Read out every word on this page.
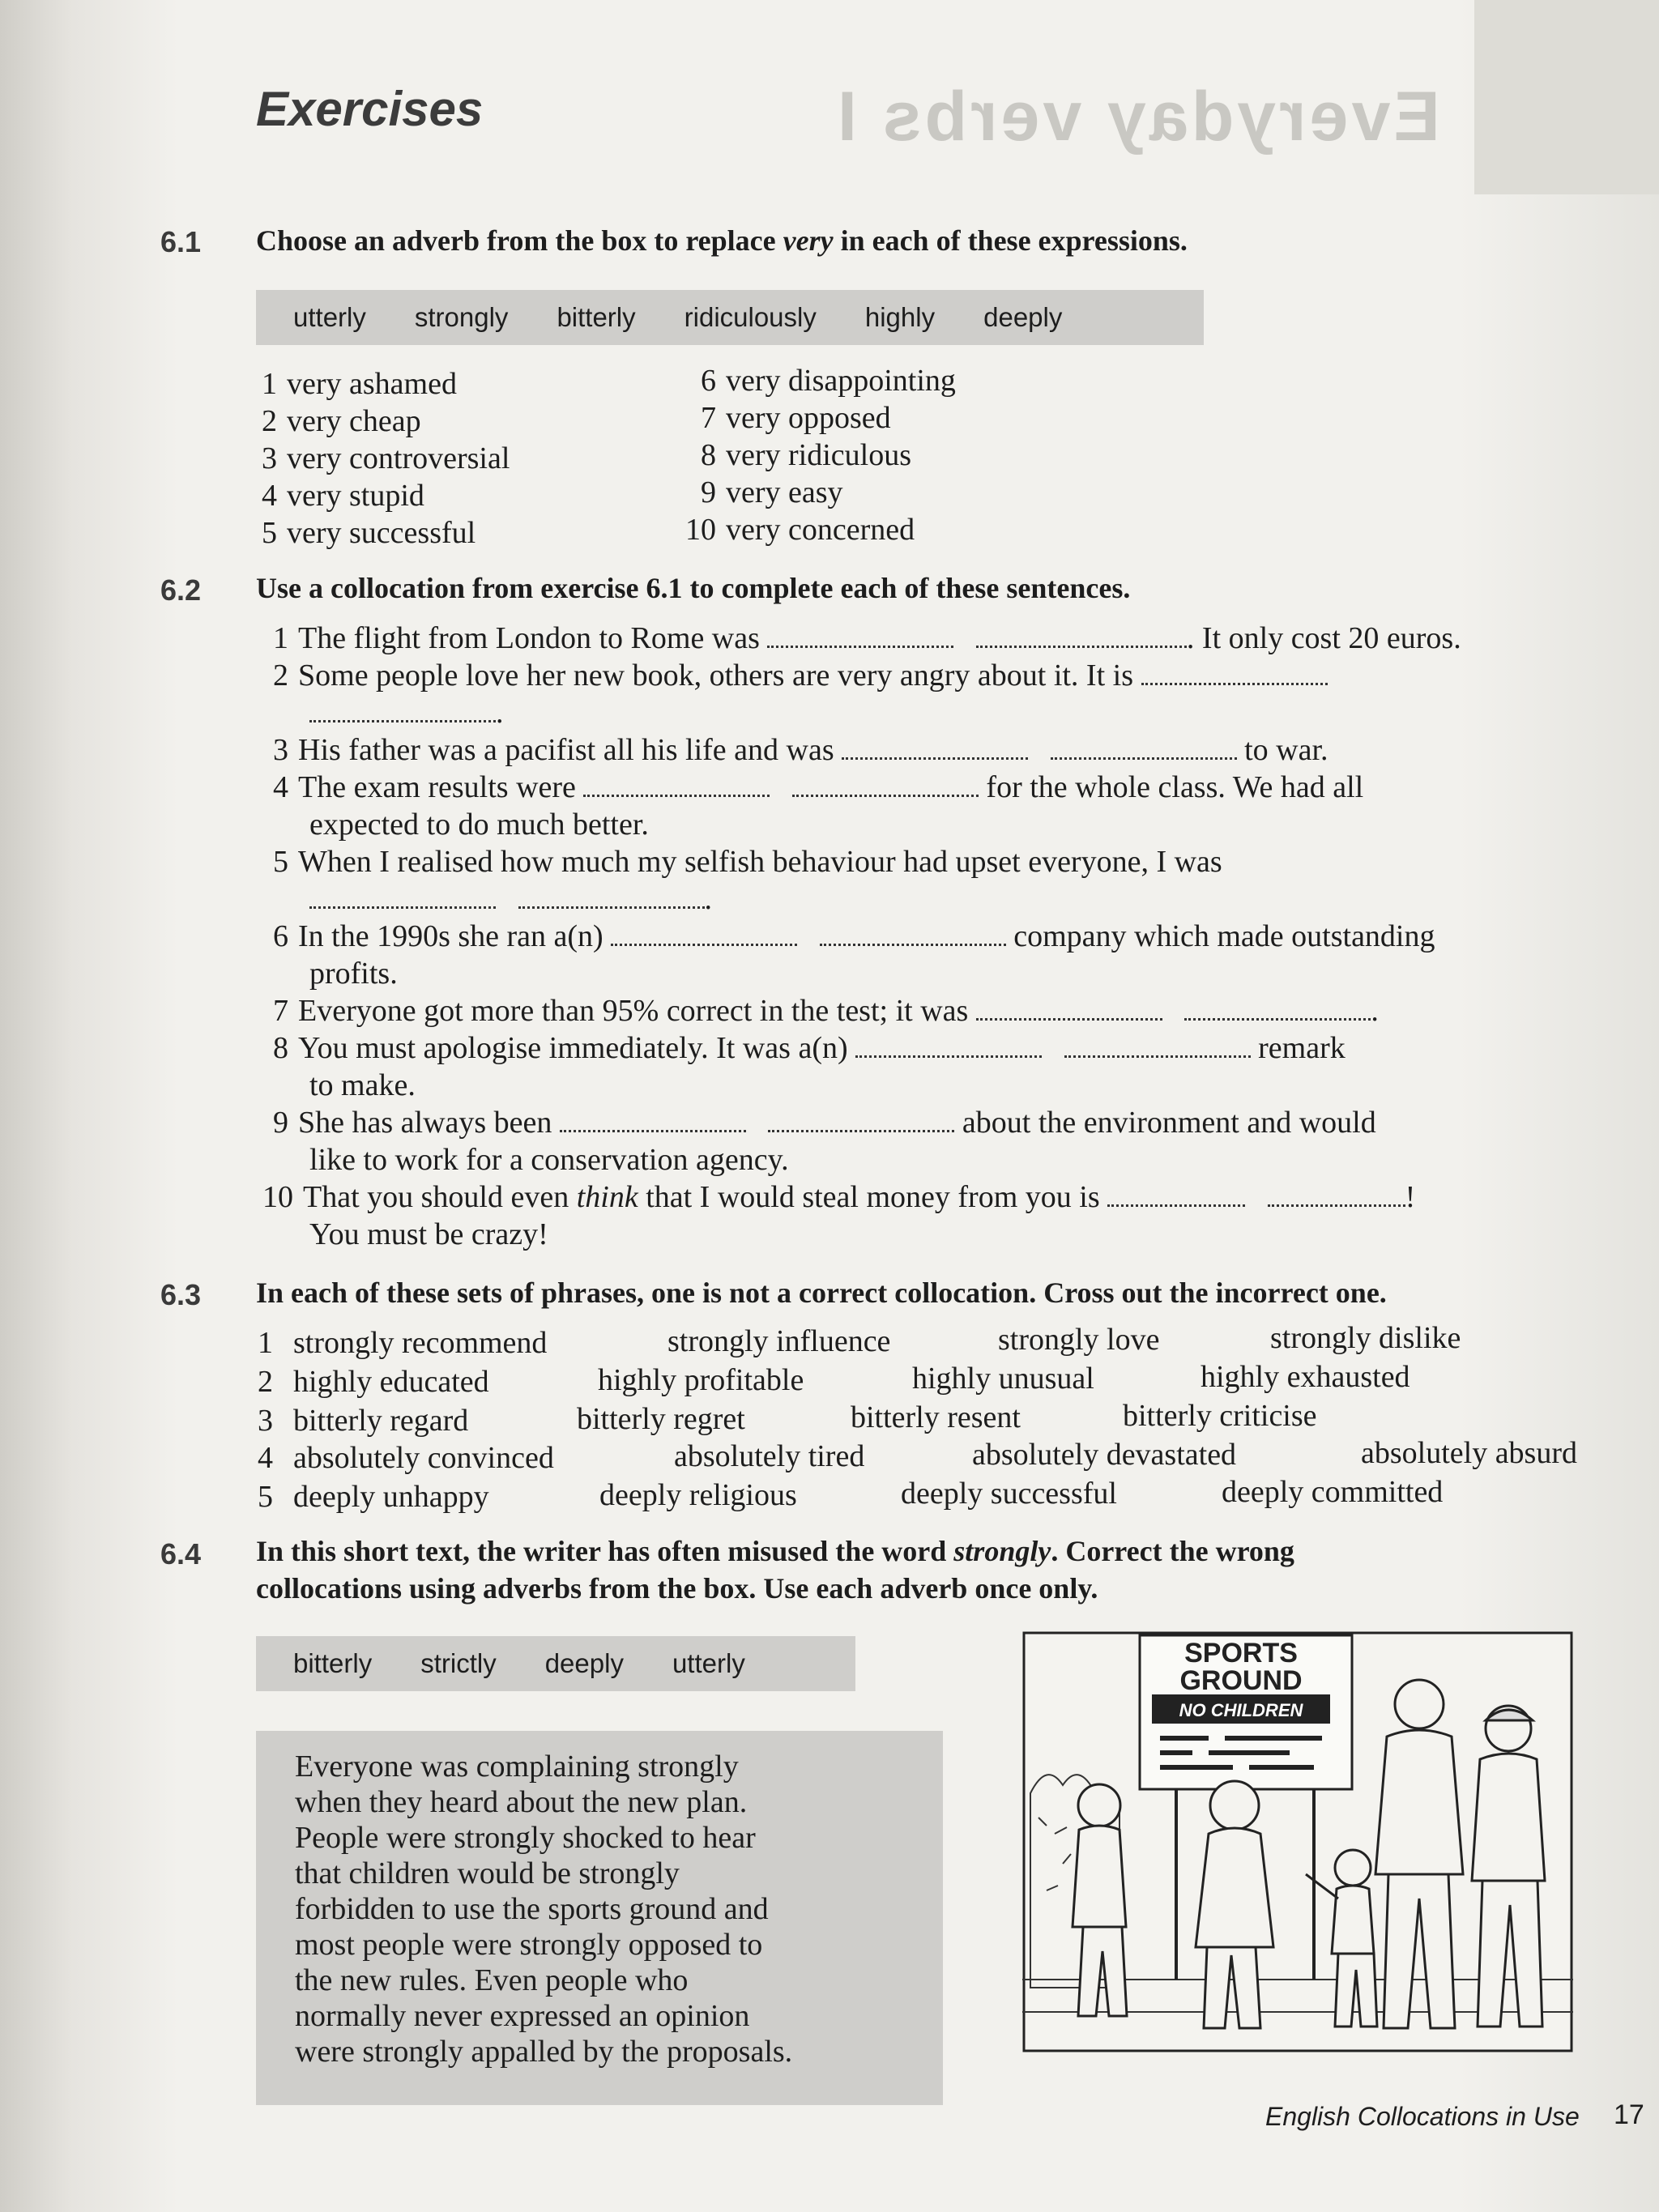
Everyday verbs I
Exercises
6.1 Choose an adverb from the box to replace very in each of these expressions.
utterly strongly bitterly ridiculously highly deeply
1 very ashamed
2 very cheap
3 very controversial
4 very stupid
5 very successful
6 very disappointing
7 very opposed
8 very ridiculous
9 very easy
10 very concerned
6.2 Use a collocation from exercise 6.1 to complete each of these sentences.
1 The flight from London to Rome was	. It only cost 20 euros.
2 Some people love her new book, others are very angry about it. It is
.
3 His father was a pacifist all his life and was	to war.
4 The exam results were	for the whole class. We had all
expected to do much better.
5 When I realised how much my selfish behaviour had upset everyone, I was
.
6 In the 1990s she ran a(n)	company which made outstanding
profits.
7 Everyone got more than 95% correct in the test; it was	.
8 You must apologise immediately. It was a(n)	remark
to make.
9 She has always been	about the environment and would
like to work for a conservation agency.
10 That you should even think that I would steal money from you is	!
You must be crazy!
6.3 In each of these sets of phrases, one is not a correct collocation. Cross out the incorrect one.
1 strongly recommend	strongly influence	strongly love	strongly dislike
2 highly educated	highly profitable	highly unusual	highly exhausted
3 bitterly regard	bitterly regret	bitterly resent	bitterly criticise
4 absolutely convinced	absolutely tired	absolutely devastated	absolutely absurd
5 deeply unhappy	deeply religious	deeply successful	deeply committed
6.4 In this short text, the writer has often misused the word strongly. Correct the wrong
collocations using adverbs from the box. Use each adverb once only.
bitterly strictly deeply utterly
Everyone was complaining strongly
when they heard about the new plan.
People were strongly shocked to hear
that children would be strongly
forbidden to use the sports ground and
most people were strongly opposed to
the new rules. Even people who
normally never expressed an opinion
were strongly appalled by the proposals.
SPORTS
GROUND
NO CHILDREN
English Collocations in Use 17
